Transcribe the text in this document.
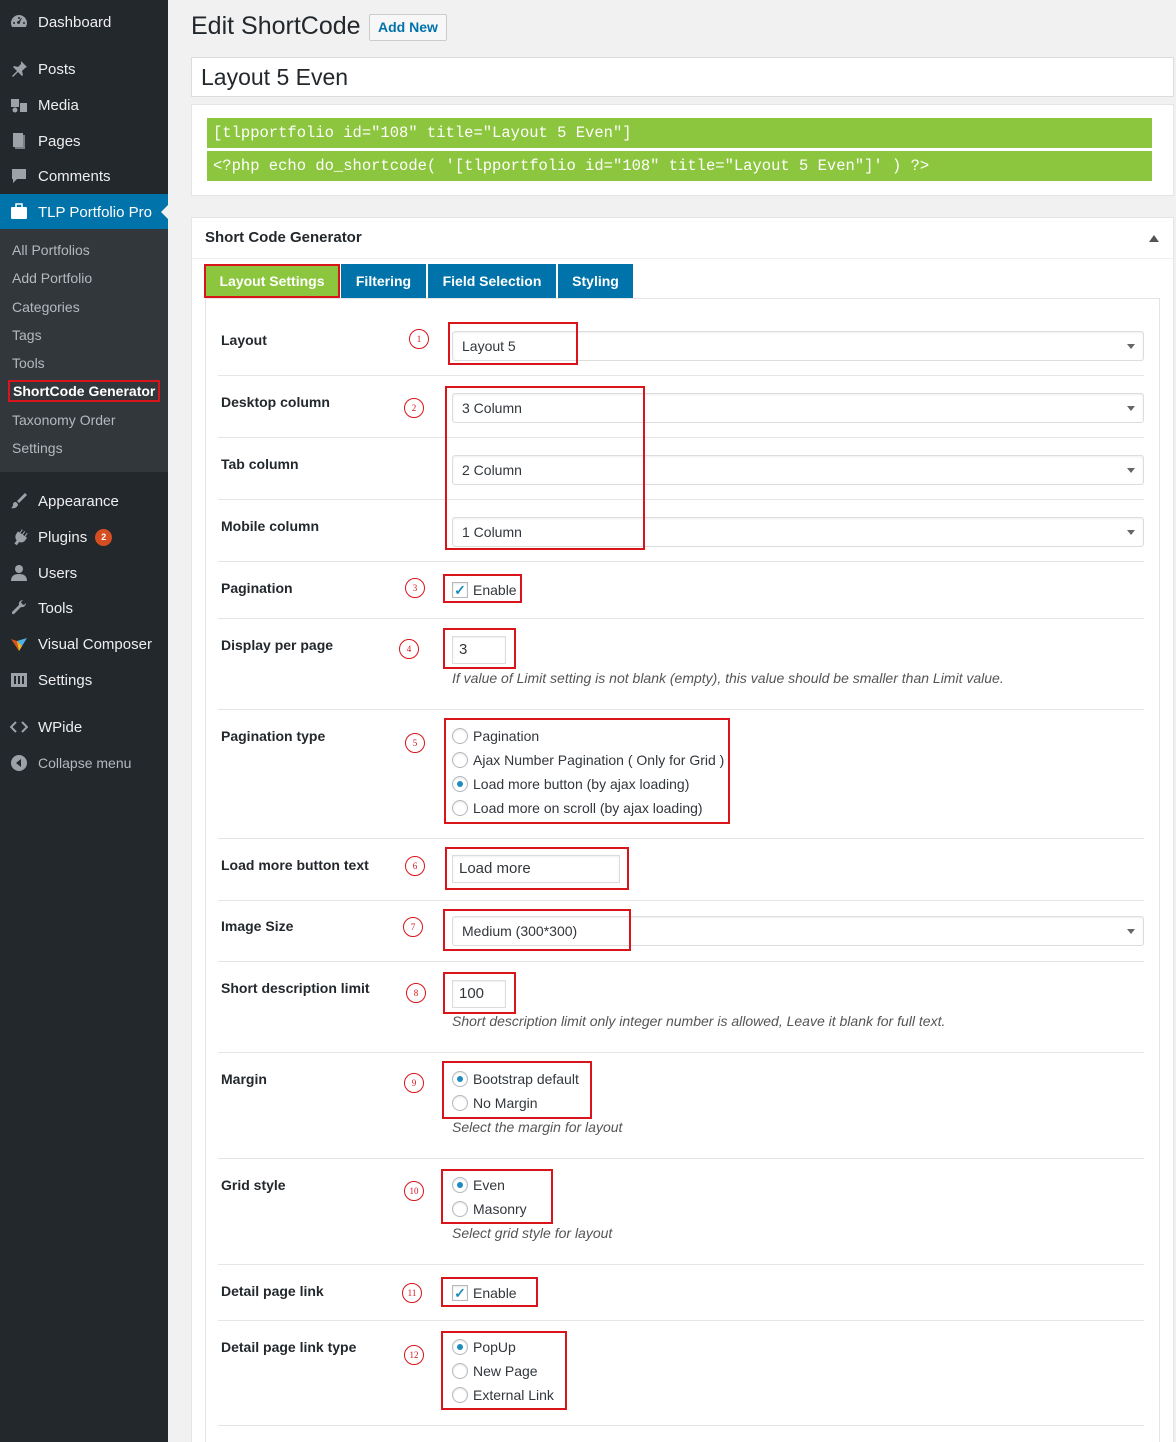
Dashboard
Posts
Media
Pages
Comments
TLP Portfolio Pro
All Portfolios
Add Portfolio
Categories
Tags
Tools
ShortCode Generator
Taxonomy Order
Settings
Appearance
Plugins	2
Users
Tools
Visual Composer
Settings
WPide
Collapse menu
Edit ShortCode	Add New
Layout 5 Even
[tlpportfolio id="108" title="Layout 5 Even"]
<?php echo do_shortcode( '[tlpportfolio id="108" title="Layout 5 Even"]' ) ?>
Short Code Generator
Layout Settings	Filtering	Field Selection	Styling
Layout	1	Layout 5
Desktop column	2	3 Column
Tab column	2 Column
Mobile column	1 Column
Pagination	3	✓ Enable
Display per page	4	3
If value of Limit setting is not blank (empty), this value should be smaller than Limit value.
Pagination type	5	Pagination
Ajax Number Pagination ( Only for Grid )
Load more button (by ajax loading)
Load more on scroll (by ajax loading)
Load more button text	6	Load more
Image Size	7	Medium (300*300)
Short description limit	8	100
Short description limit only integer number is allowed, Leave it blank for full text.
Margin	9	Bootstrap default
No Margin
Select the margin for layout
Grid style	10	Even
Masonry
Select grid style for layout
Detail page link	11	✓ Enable
Detail page link type	12	PopUp
New Page
External Link
